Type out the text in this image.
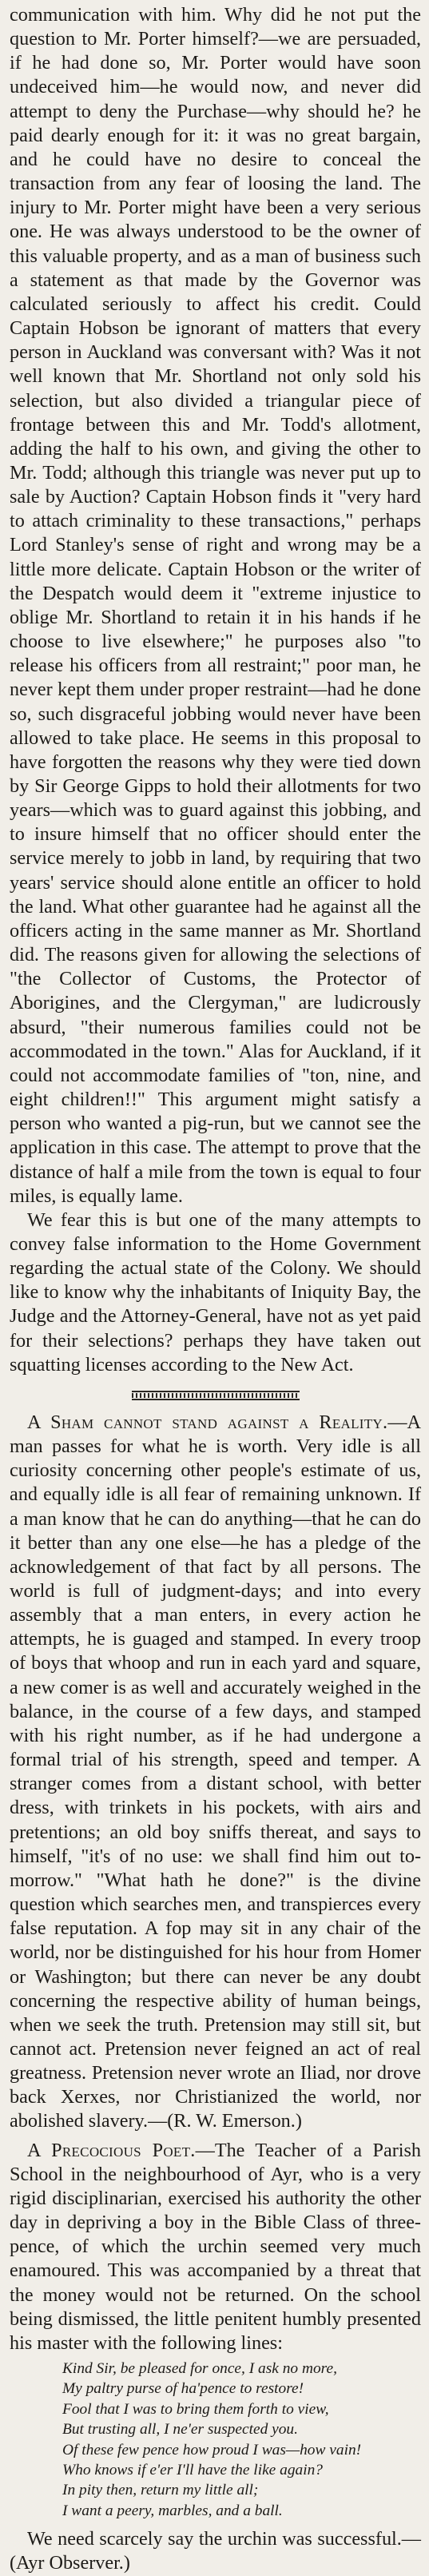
communication with him. Why did he not put the question to Mr. Porter himself?—we are persuaded, if he had done so, Mr. Porter would have soon undeceived him—he would now, and never did attempt to deny the Purchase—why should he? he paid dearly enough for it: it was no great bargain, and he could have no desire to conceal the transaction from any fear of loosing the land. The injury to Mr. Porter might have been a very serious one. He was always understood to be the owner of this valuable property, and as a man of business such a statement as that made by the Governor was calculated seriously to affect his credit. Could Captain Hobson be ignorant of matters that every person in Auckland was conversant with? Was it not well known that Mr. Shortland not only sold his selection, but also divided a triangular piece of frontage between this and Mr. Todd's allotment, adding the half to his own, and giving the other to Mr. Todd; although this triangle was never put up to sale by Auction? Captain Hobson finds it "very hard to attach criminality to these transactions," perhaps Lord Stanley's sense of right and wrong may be a little more delicate. Captain Hobson or the writer of the Despatch would deem it "extreme injustice to oblige Mr. Shortland to retain it in his hands if he choose to live elsewhere;" he purposes also "to release his officers from all restraint;" poor man, he never kept them under proper restraint—had he done so, such disgraceful jobbing would never have been allowed to take place. He seems in this proposal to have forgotten the reasons why they were tied down by Sir George Gipps to hold their allotments for two years—which was to guard against this jobbing, and to insure himself that no officer should enter the service merely to jobb in land, by requiring that two years' service should alone entitle an officer to hold the land. What other guarantee had he against all the officers acting in the same manner as Mr. Shortland did. The reasons given for allowing the selections of "the Collector of Customs, the Protector of Aborigines, and the Clergyman," are ludicrously absurd, "their numerous families could not be accommodated in the town." Alas for Auckland, if it could not accommodate families of "ton, nine, and eight children!!" This argument might satisfy a person who wanted a pig-run, but we cannot see the application in this case. The attempt to prove that the distance of half a mile from the town is equal to four miles, is equally lame.

We fear this is but one of the many attempts to convey false information to the Home Government regarding the actual state of the Colony. We should like to know why the inhabitants of Iniquity Bay, the Judge and the Attorney-General, have not as yet paid for their selections? perhaps they have taken out squatting licenses according to the New Act.

A Sham cannot stand against a Reality.—A man passes for what he is worth. Very idle is all curiosity concerning other people's estimate of us, and equally idle is all fear of remaining unknown. If a man know that he can do anything—that he can do it better than any one else—he has a pledge of the acknowledgement of that fact by all persons. The world is full of judgment-days; and into every assembly that a man enters, in every action he attempts, he is guaged and stamped. In every troop of boys that whoop and run in each yard and square, a new comer is as well and accurately weighed in the balance, in the course of a few days, and stamped with his right number, as if he had undergone a formal trial of his strength, speed and temper. A stranger comes from a distant school, with better dress, with trinkets in his pockets, with airs and pretentions; an old boy sniffs thereat, and says to himself, "it's of no use: we shall find him out to-morrow." "What hath he done?" is the divine question which searches men, and transpierces every false reputation. A fop may sit in any chair of the world, nor be distinguished for his hour from Homer or Washington; but there can never be any doubt concerning the respective ability of human beings, when we seek the truth. Pretension may still sit, but cannot act. Pretension never feigned an act of real greatness. Pretension never wrote an Iliad, nor drove back Xerxes, nor Christianized the world, nor abolished slavery.—(R. W. Emerson.)

A Precocious Poet.—The Teacher of a Parish School in the neighbourhood of Ayr, who is a very rigid disciplinarian, exercised his authority the other day in depriving a boy in the Bible Class of three-pence, of which the urchin seemed very much enamoured. This was accompanied by a threat that the money would not be returned. On the school being dismissed, the little penitent humbly presented his master with the following lines:

Kind Sir, be pleased for once, I ask no more,
My paltry purse of ha'pence to restore!
Fool that I was to bring them forth to view,
But trusting all, I ne'er suspected you.
Of these few pence how proud I was—how vain!
Who knows if e'er I'll have the like again?
In pity then, return my little all;
I want a peery, marbles, and a ball.

We need scarcely say the urchin was successful.—(Ayr Observer.)
